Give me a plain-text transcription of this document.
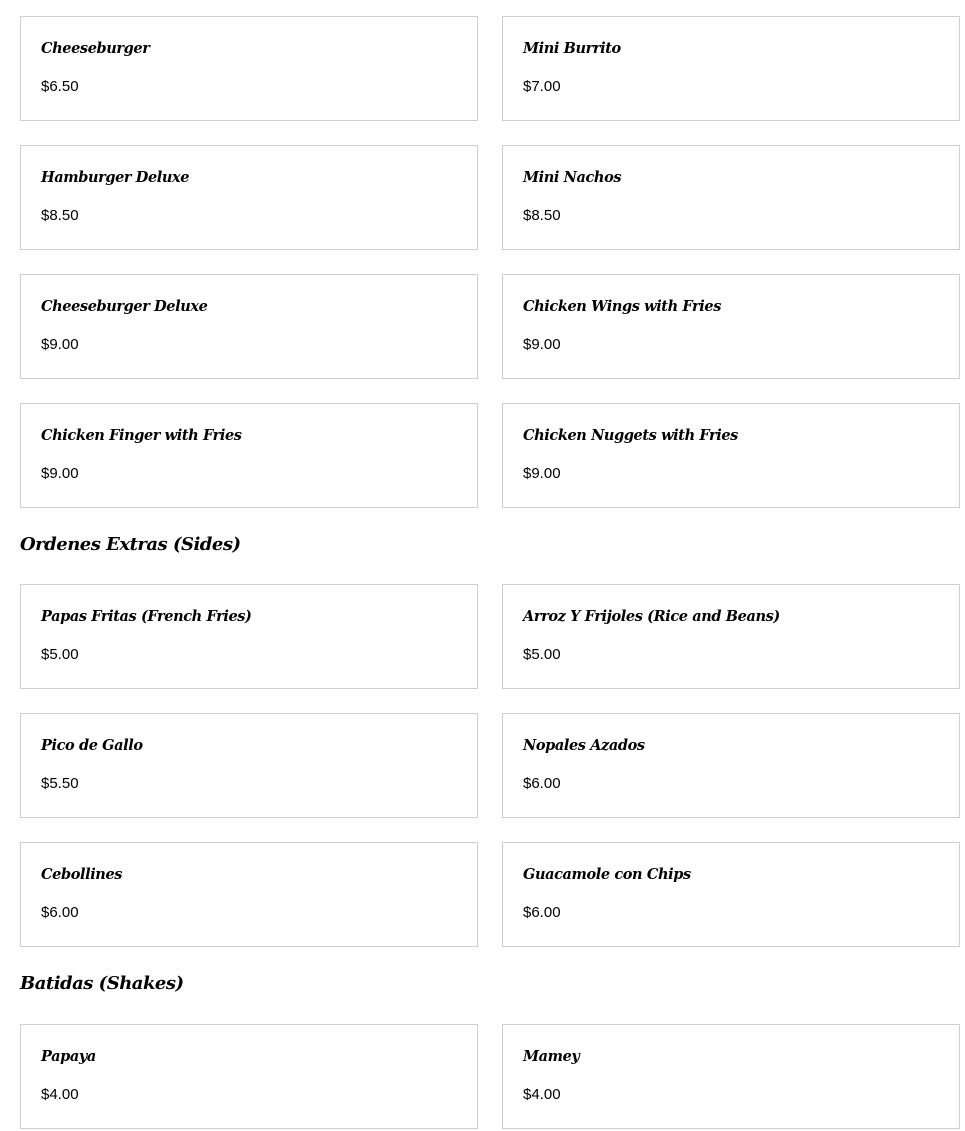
Cheeseburger
$6.50
Mini Burrito
$7.00
Hamburger Deluxe
$8.50
Mini Nachos
$8.50
Cheeseburger Deluxe
$9.00
Chicken Wings with Fries
$9.00
Chicken Finger with Fries
$9.00
Chicken Nuggets with Fries
$9.00
Ordenes Extras (Sides)
Papas Fritas (French Fries)
$5.00
Arroz Y Frijoles (Rice and Beans)
$5.00
Pico de Gallo
$5.50
Nopales Azados
$6.00
Cebollines
$6.00
Guacamole con Chips
$6.00
Batidas (Shakes)
Papaya
$4.00
Mamey
$4.00
